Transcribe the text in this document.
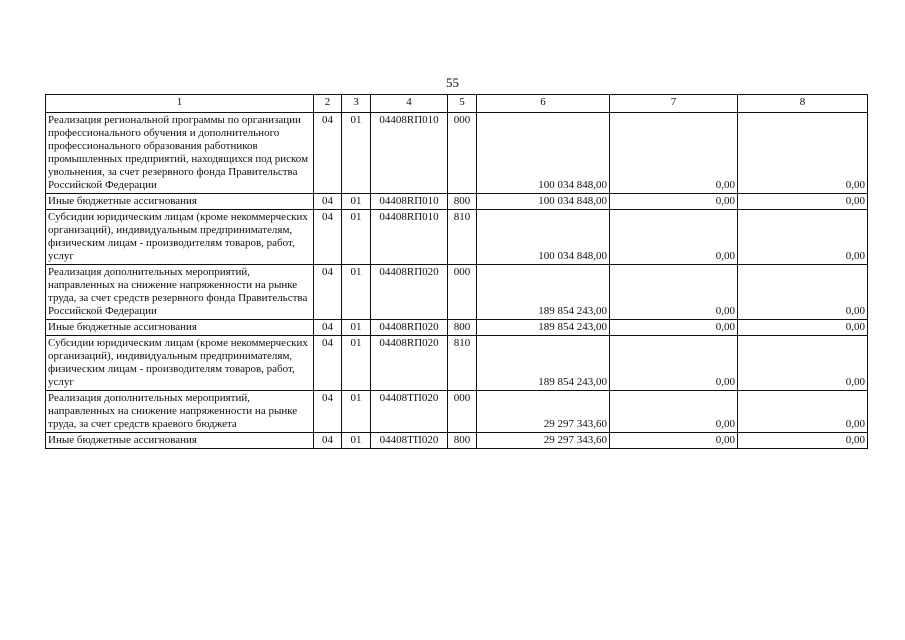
55
1	2	3	4	5	6	7	8
Реализация региональной программы по организации профессионального обучения и дополнительного профессионального образования работников промышленных предприятий, находящихся под риском увольнения, за счет резервного фонда Правительства Российской Федерации	04	01	04408RП010	000	100 034 848,00	0,00	0,00
Иные бюджетные ассигнования	04	01	04408RП010	800	100 034 848,00	0,00	0,00
Субсидии юридическим лицам (кроме некоммерческих организаций), индивидуальным предпринимателям, физическим лицам - производителям товаров, работ, услуг	04	01	04408RП010	810	100 034 848,00	0,00	0,00
Реализация дополнительных мероприятий, направленных на снижение напряженности на рынке труда, за счет средств резервного фонда Правительства Российской Федерации	04	01	04408RП020	000	189 854 243,00	0,00	0,00
Иные бюджетные ассигнования	04	01	04408RП020	800	189 854 243,00	0,00	0,00
Субсидии юридическим лицам (кроме некоммерческих организаций), индивидуальным предпринимателям, физическим лицам - производителям товаров, работ, услуг	04	01	04408RП020	810	189 854 243,00	0,00	0,00
Реализация дополнительных мероприятий, направленных на снижение напряженности на рынке труда, за счет средств краевого бюджета	04	01	04408ТП020	000	29 297 343,60	0,00	0,00
Иные бюджетные ассигнования	04	01	04408ТП020	800	29 297 343,60	0,00	0,00
